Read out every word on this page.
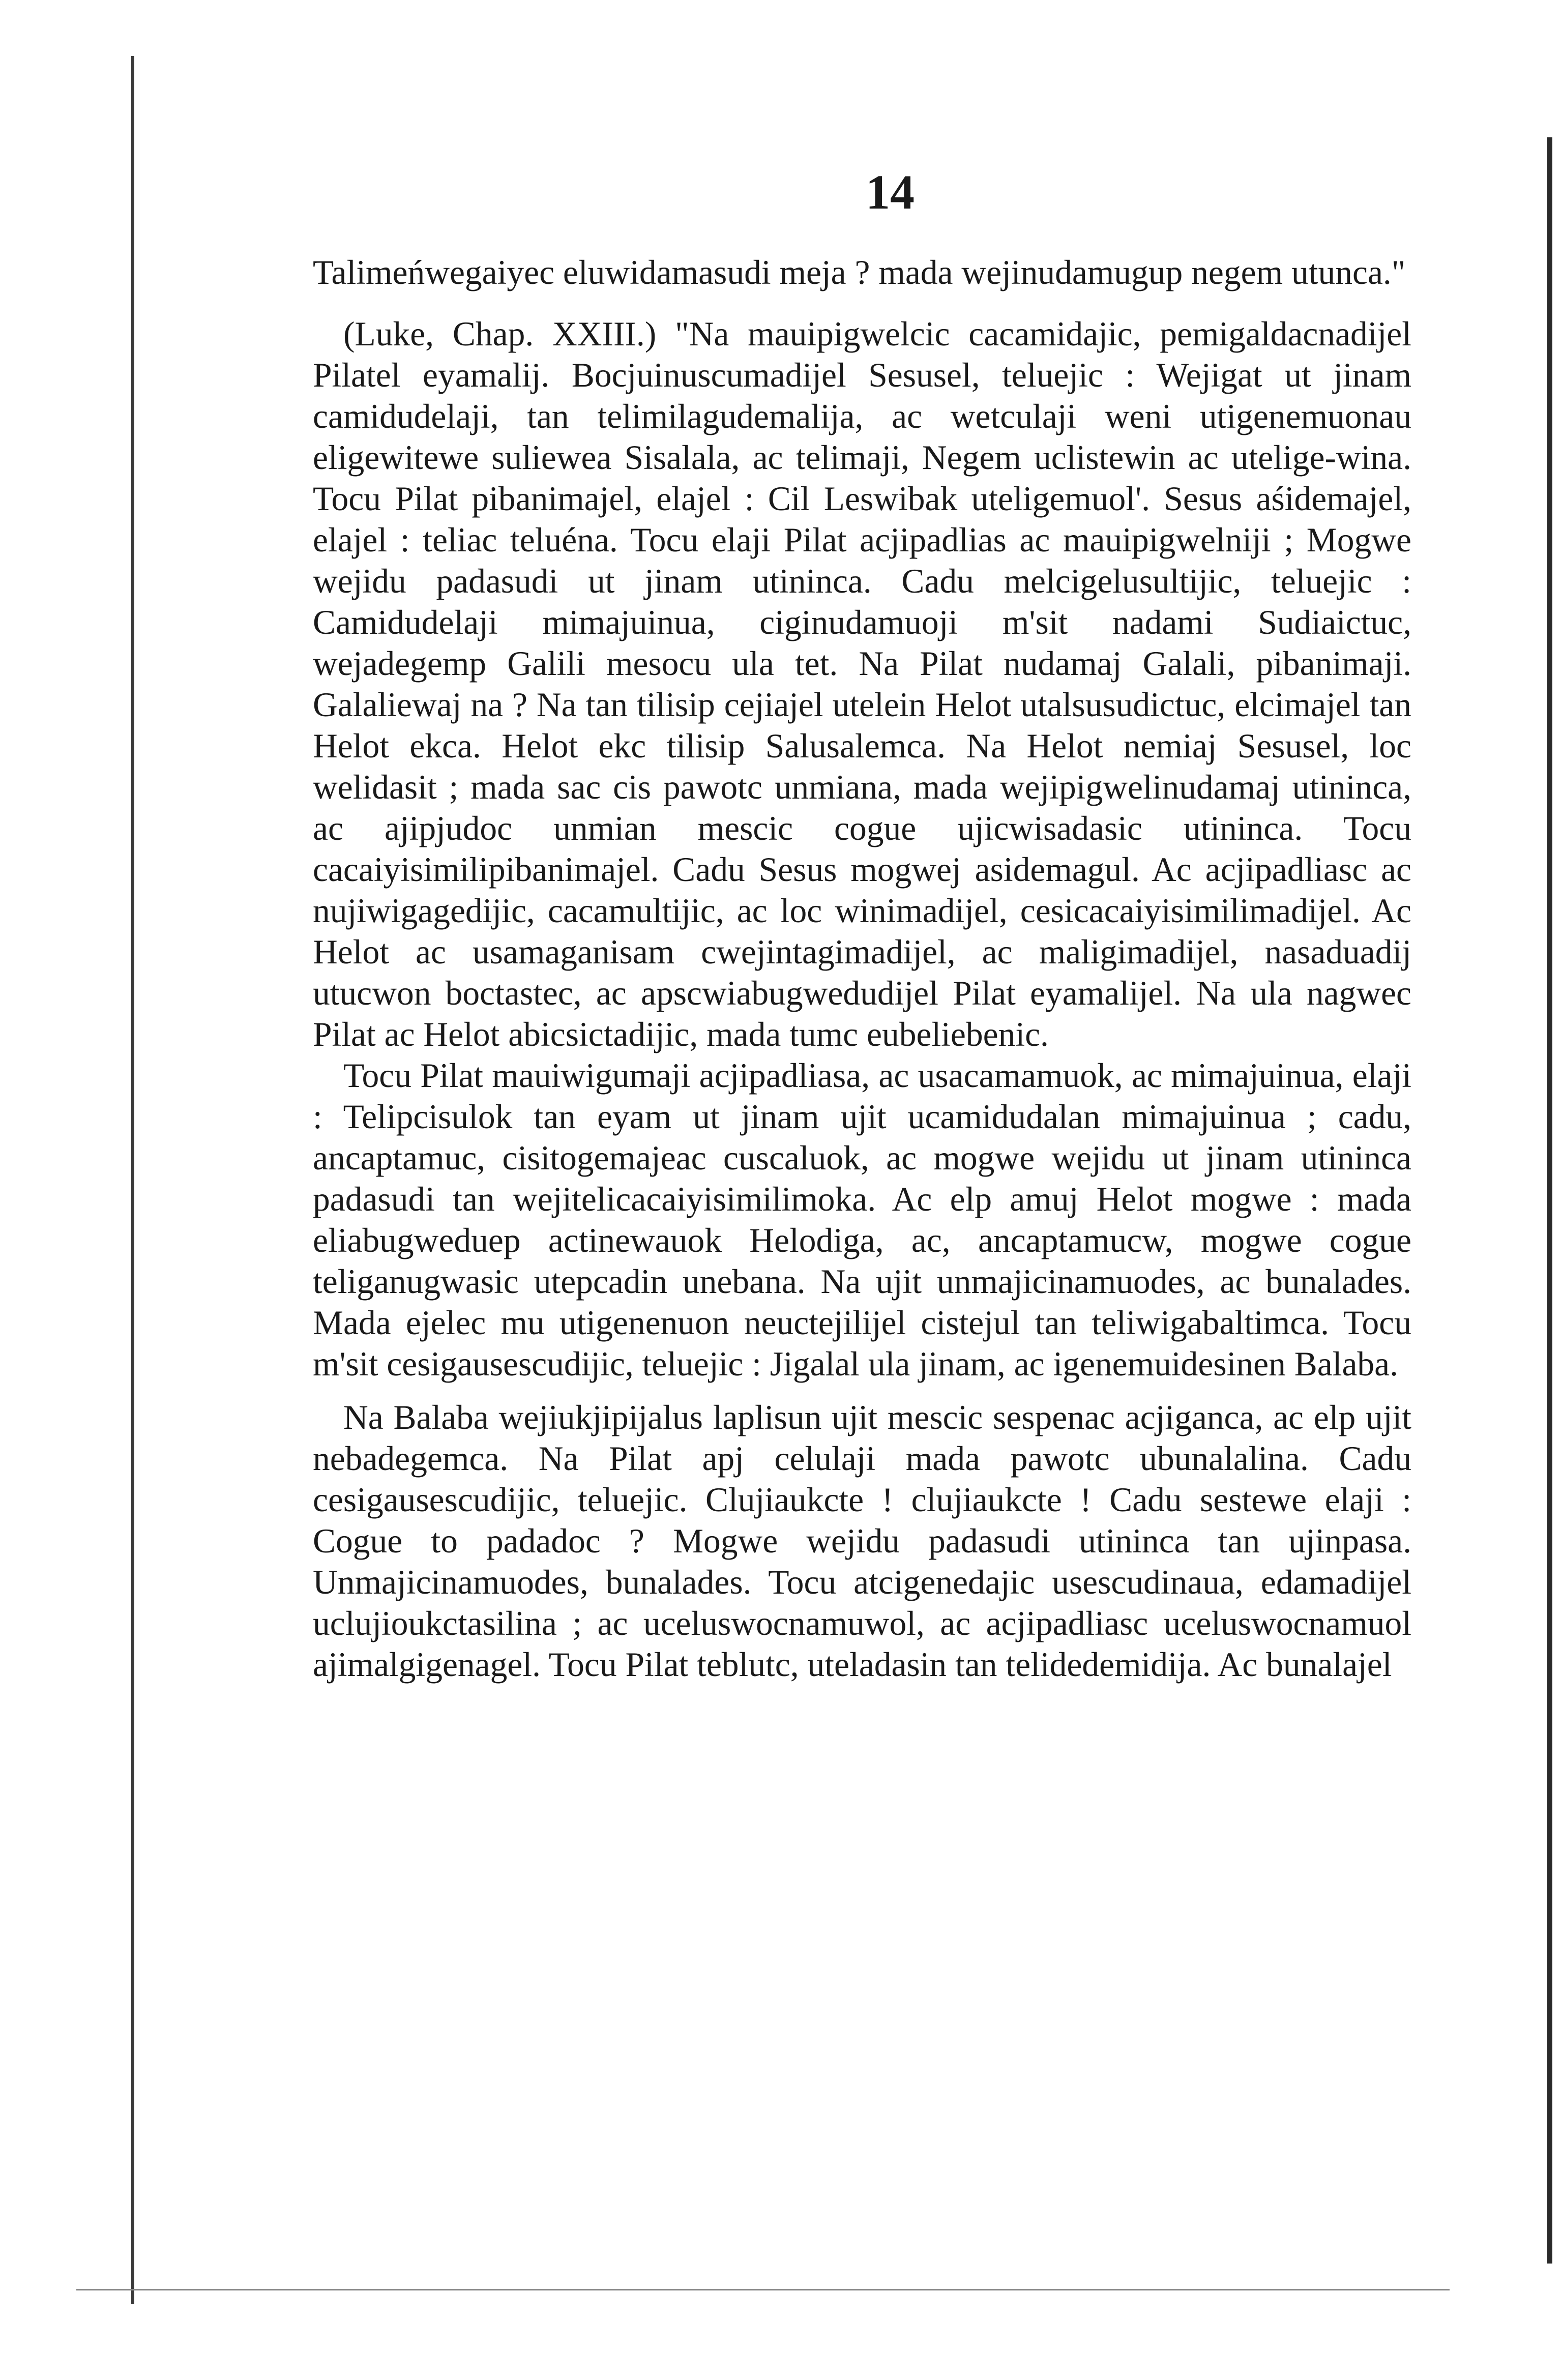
14

Talimeńwegaiyec eluwidamasudi meja ? mada wejinudamugup negem utunca."

(Luke, Chap. XXIII.) "Na mauipigwelcic cacamidajic, pemigaldacnadijel Pilatel eyamalij. Bocjuinuscumadijel Sesusel, teluejic : Wejigat ut jinam camidudelaji, tan telimilagudemalija, ac wetculaji weni utigenemuonau eligewitewe suliewea Sisalala, ac telimaji, Negem uclistewin ac utelige-wina. Tocu Pilat pibanimajel, elajel : Cil Leswibak uteligemuol'. Sesus aśidemajel, elajel : teliac teluéna. Tocu elaji Pilat acjipadlias ac mauipigwelniji ; Mogwe wejidu padasudi ut jinam utininca. Cadu melcigelusultijic, teluejic : Camidudelaji mimajuinua, ciginudamuoji m'sit nadami Sudiaictuc, wejadegemp Galili mesocu ula tet. Na Pilat nudamaj Galali, pibanimaji. Galaliewaj na ? Na tan tilisip cejiajel utelein Helot utalsusudictuc, elcimajel tan Helot ekca. Helot ekc tilisip Salusalemca. Na Helot nemiaj Sesusel, loc welidasit ; mada sac cis pawotc unmiana, mada wejipigwelinudamaj utininca, ac ajipjudoc unmian mescic cogue ujicwisadasic utininca. Tocu cacaiyisimilipibanimajel. Cadu Sesus mogwej asidemagul. Ac acjipadliasc ac nujiwigagedijic, cacamultijic, ac loc winimadijel, cesicacaiyisimilimadijel. Ac Helot ac usamaganisam cwejintagimadijel, ac maligimadijel, nasaduadij utucwon boctastec, ac apscwiabugwedudijel Pilat eyamalijel. Na ula nagwec Pilat ac Helot abicsictadijic, mada tumc eubeliebenic.

Tocu Pilat mauiwigumaji acjipadliasa, ac usacamamuok, ac mimajuinua, elaji : Telipcisulok tan eyam ut jinam ujit ucamidudalan mimajuinua ; cadu, ancaptamuc, cisitogemajeac cuscaluok, ac mogwe wejidu ut jinam utininca padasudi tan wejitelicacaiyisimilimoka. Ac elp amuj Helot mogwe : mada eliabugweduep actinewauok Helodiga, ac, ancaptamucw, mogwe cogue teliganugwasic utepcadin unebana. Na ujit unmajicinamuodes, ac bunalades. Mada ejelec mu utigenenuon neuctejilijel cistejul tan teliwigabaltimca. Tocu m'sit cesigausescudijic, teluejic : Jigalal ula jinam, ac igenemuidesinen Balaba.

Na Balaba wejiukjipijalus laplisun ujit mescic sespenac acjiganca, ac elp ujit nebadegemca. Na Pilat apj celulaji mada pawotc ubunalalina. Cadu cesigausescudijic, teluejic. Clujiaukcte ! clujiaukcte ! Cadu sestewe elaji : Cogue to padadoc ? Mogwe wejidu padasudi utininca tan ujinpasa. Unmajicinamuodes, bunalades. Tocu atcigenedajic usescudinaua, edamadijel uclujioukctasilina ; ac uceluswocnamuwol, ac acjipadliasc uceluswocnamuol ajimalgigenagel. Tocu Pilat teblutc, uteladasin tan telidedemidija. Ac bunalajel
